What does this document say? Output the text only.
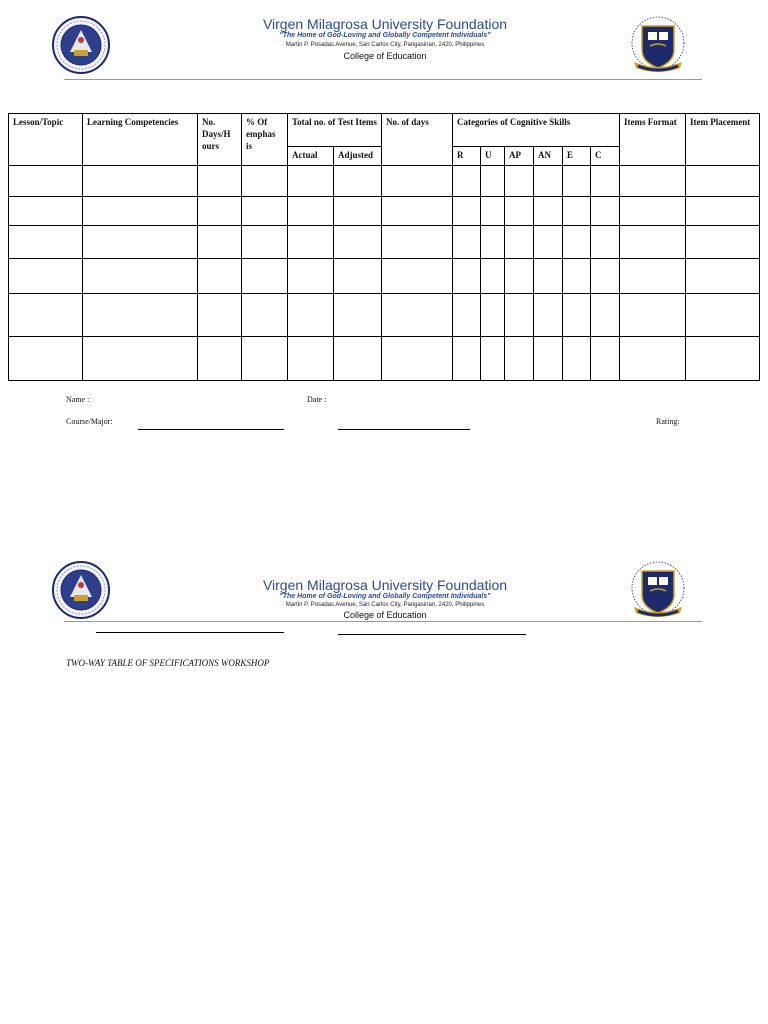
Virgen Milagrosa University Foundation
"The Home of God-Loving and Globally Competent Individuals"
Martin P. Posadas Avenue, San Carlos City, Pangasinan, 2420, Philippines
College of Education
Lesson/Topic	Learning Competencies	No. Days/H ours	% Of emphas is	Total no. of Test Items		No. of days	Categories of Cognitive Skills						Items Format	Item Placement
				Actual	Adjusted		R	U	AP	AN	E	C		

Name :	Date :
Course/Major:	Rating:
Virgen Milagrosa University Foundation
"The Home of God-Loving and Globally Competent Individuals"
Martin P. Posadas Avenue, San Carlos City, Pangasinan, 2420, Philippines
College of Education
TWO-WAY TABLE OF SPECIFICATIONS WORKSHOP
